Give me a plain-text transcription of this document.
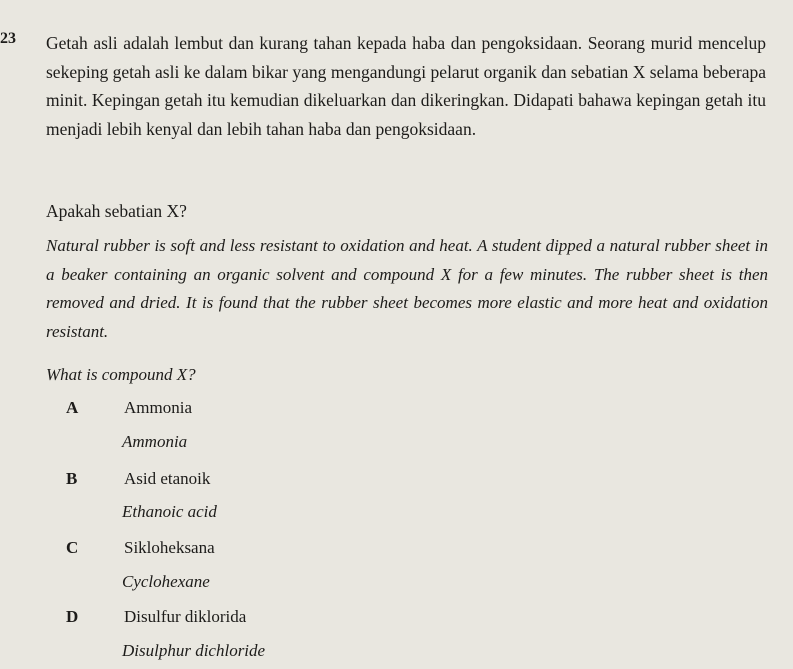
23 Getah asli adalah lembut dan kurang tahan kepada haba dan pengoksidaan. Seorang murid mencelup sekeping getah asli ke dalam bikar yang mengandungi pelarut organik dan sebatian X selama beberapa minit. Kepingan getah itu kemudian dikeluarkan dan dikeringkan. Didapati bahawa kepingan getah itu menjadi lebih kenyal dan lebih tahan haba dan pengoksidaan.
Apakah sebatian X?
Natural rubber is soft and less resistant to oxidation and heat. A student dipped a natural rubber sheet in a beaker containing an organic solvent and compound X for a few minutes. The rubber sheet is then removed and dried. It is found that the rubber sheet becomes more elastic and more heat and oxidation resistant.
What is compound X?
A	Ammonia
Ammonia
B	Asid etanoik
Ethanoic acid
C	Sikloheksana
Cyclohexane
D	Disulfur diklorida
Disulphur dichloride
